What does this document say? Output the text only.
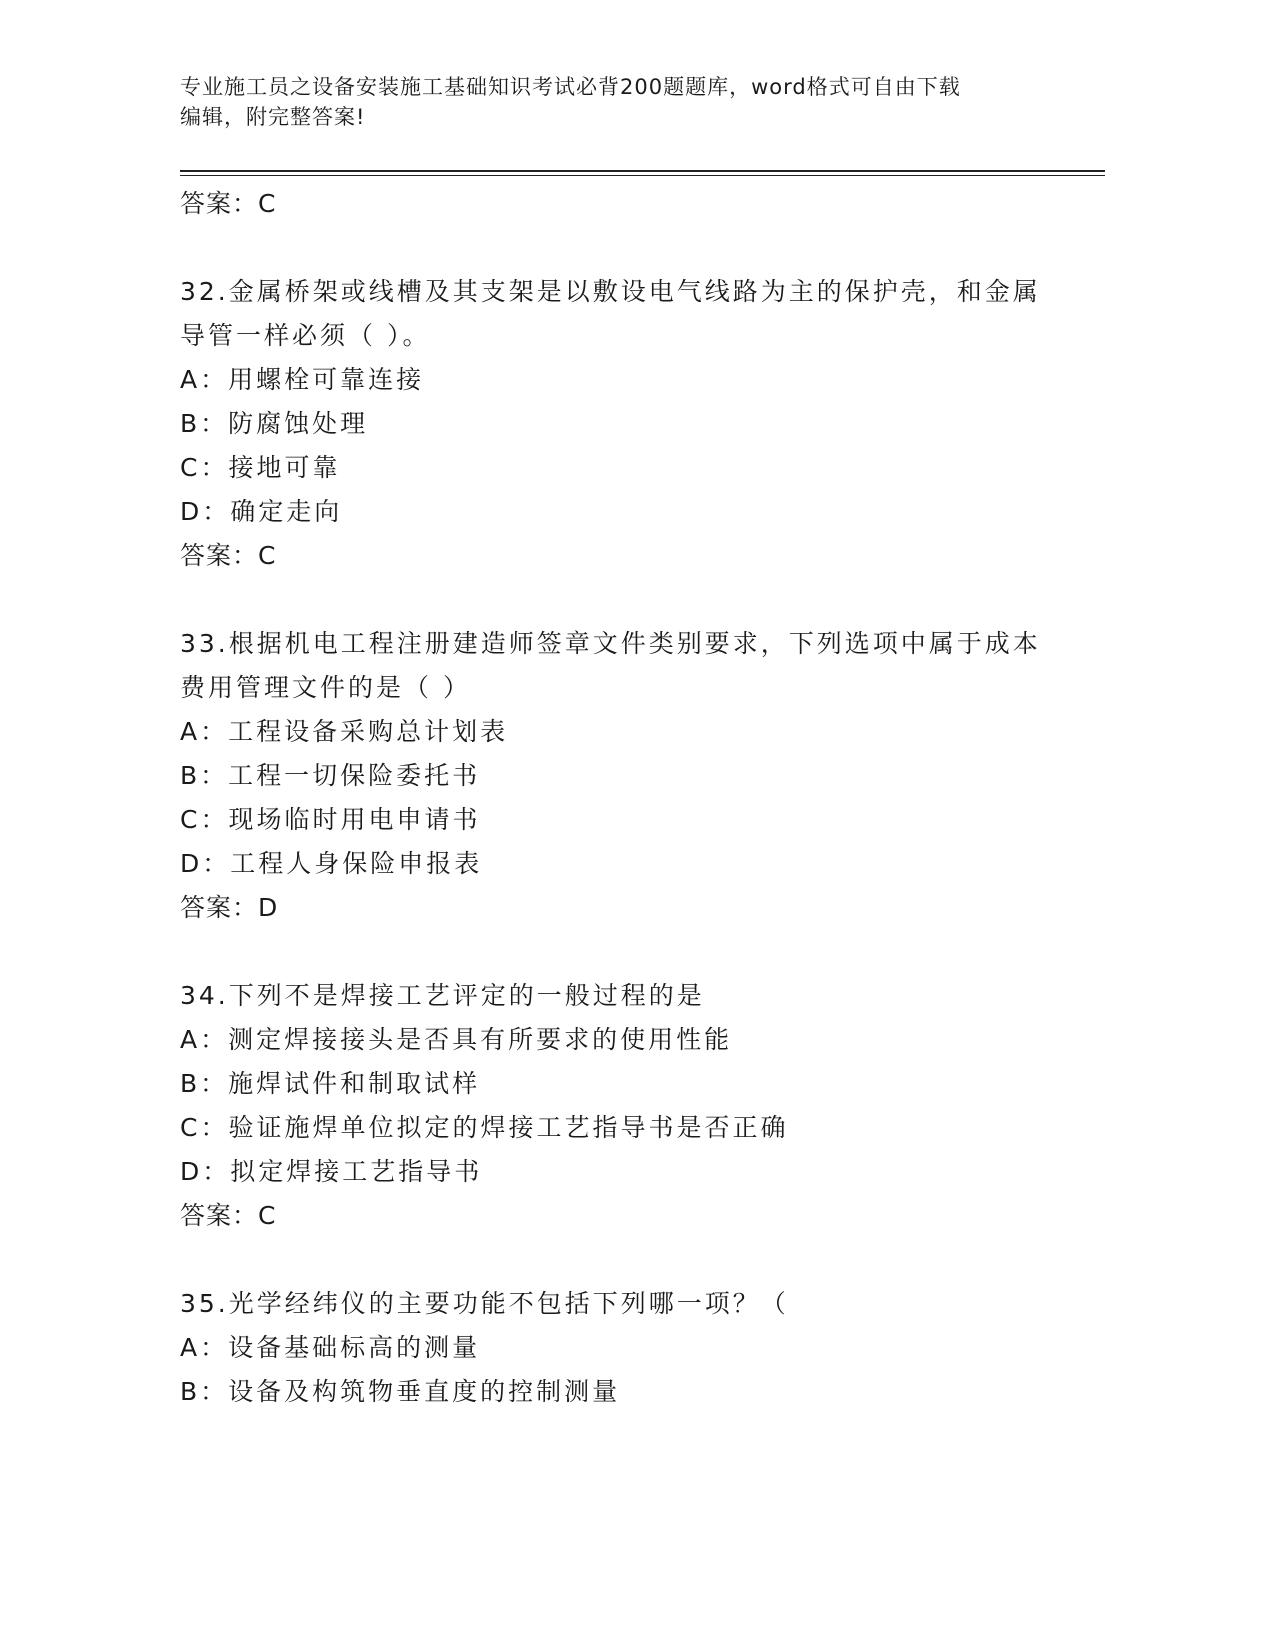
专业施工员之设备安装施工基础知识考试必背200题题库，word格式可自由下载
编辑，附完整答案!
答案：C
32.金属桥架或线槽及其支架是以敷设电气线路为主的保护壳，和金属
导管一样必须（ ）。
A：用螺栓可靠连接
B：防腐蚀处理
C：接地可靠
D：确定走向
答案：C
33.根据机电工程注册建造师签章文件类别要求，下列选项中属于成本
费用管理文件的是（ ）
A：工程设备采购总计划表
B：工程一切保险委托书
C：现场临时用电申请书
D：工程人身保险申报表
答案：D
34.下列不是焊接工艺评定的一般过程的是
A：测定焊接接头是否具有所要求的使用性能
B：施焊试件和制取试样
C：验证施焊单位拟定的焊接工艺指导书是否正确
D：拟定焊接工艺指导书
答案：C
35.光学经纬仪的主要功能不包括下列哪一项？（
A：设备基础标高的测量
B：设备及构筑物垂直度的控制测量
